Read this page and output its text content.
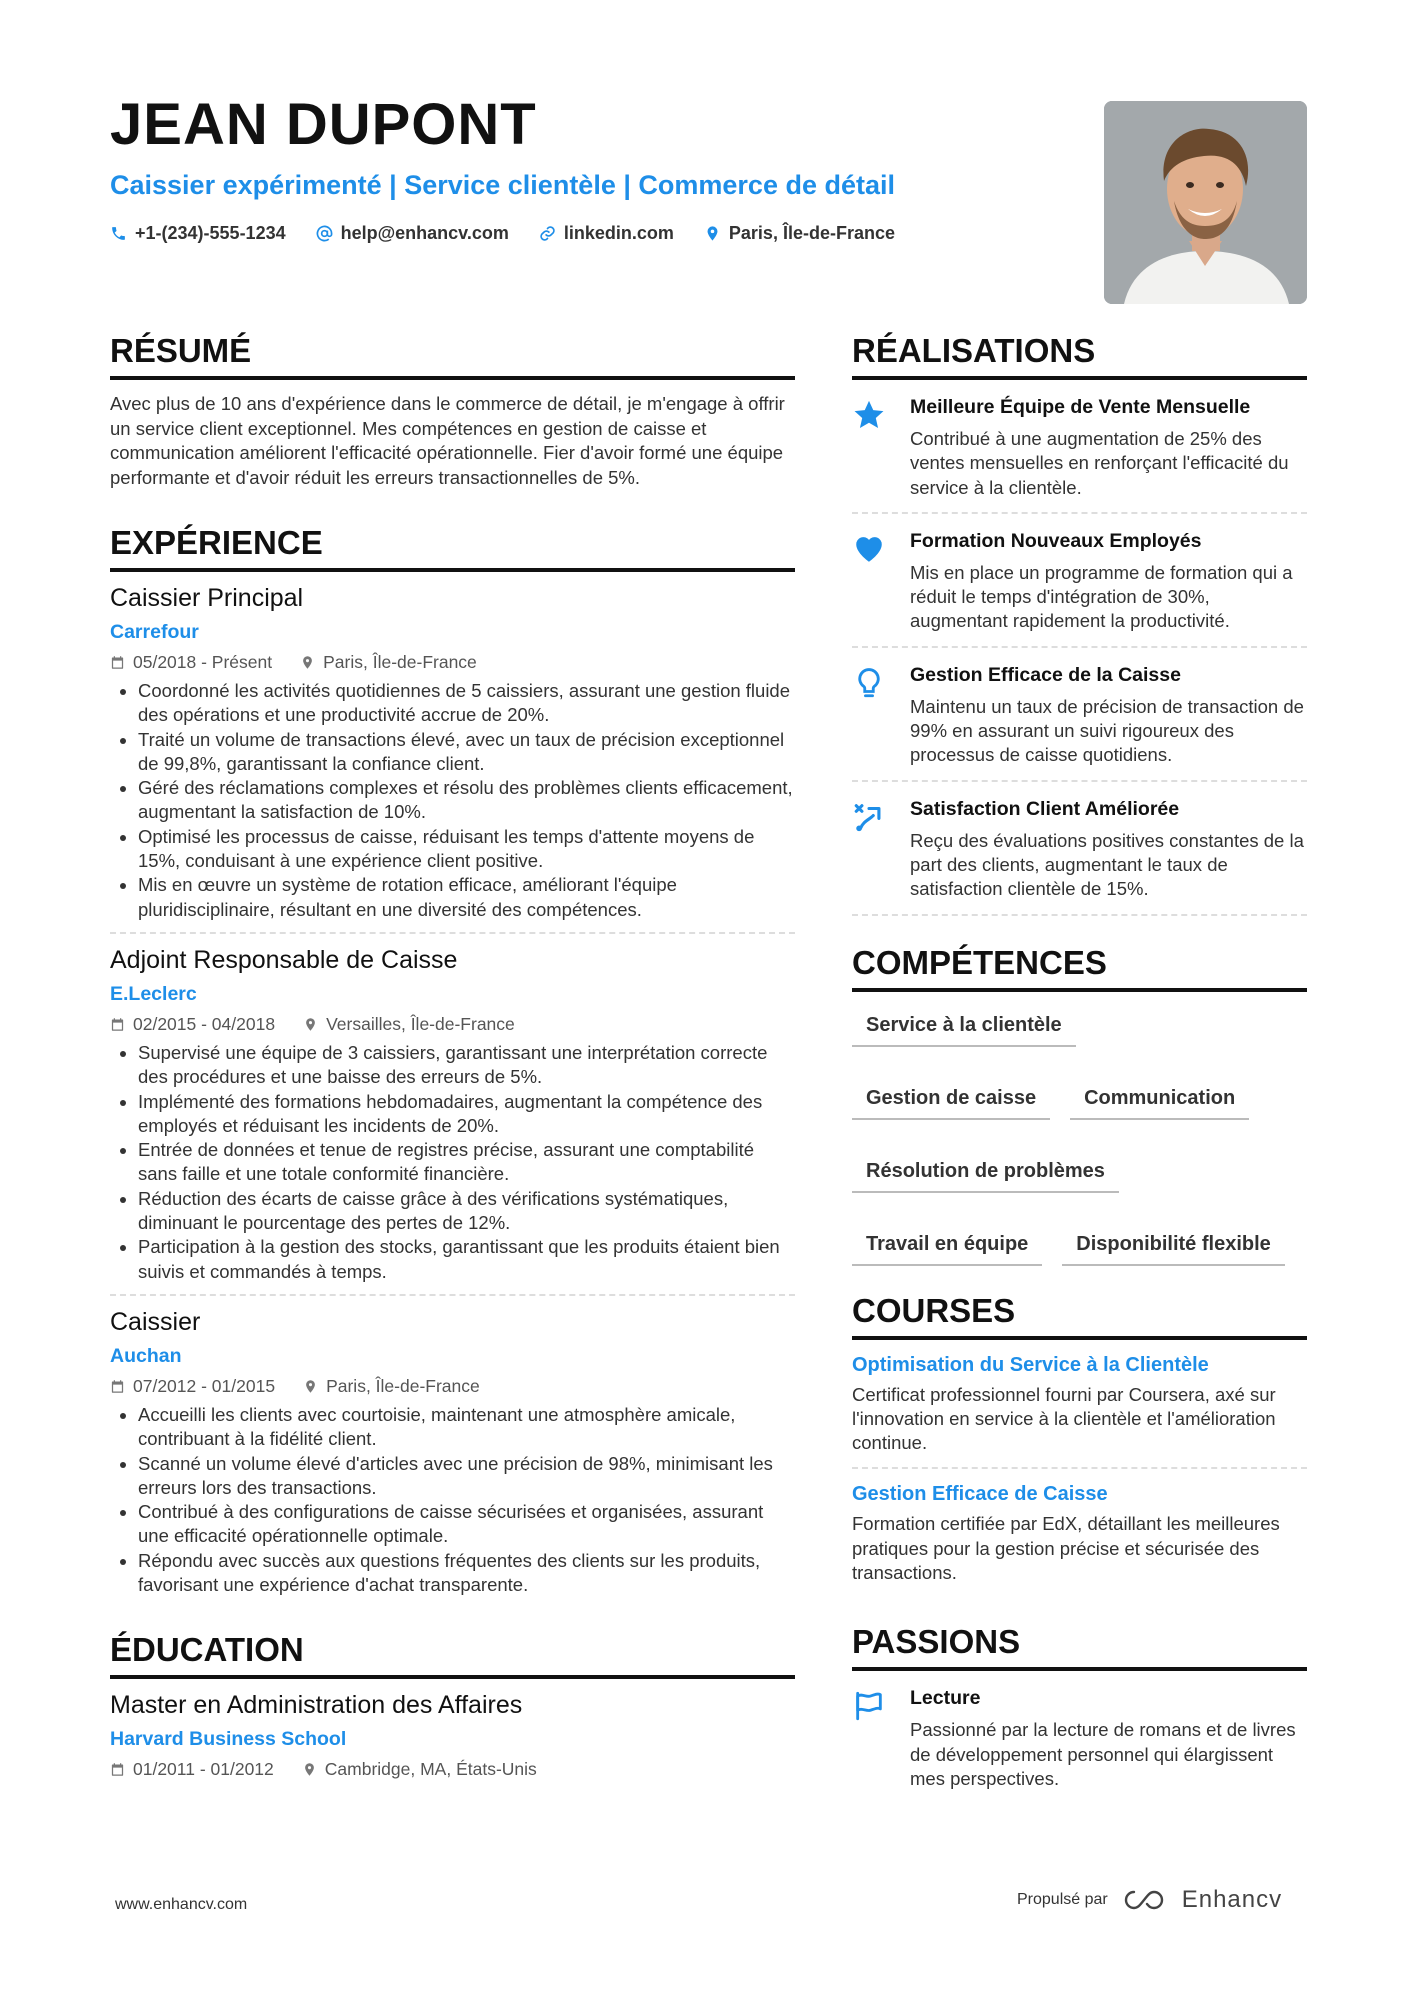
JEAN DUPONT
Caissier expérimenté | Service clientèle | Commerce de détail
+1-(234)-555-1234	help@enhancv.com	linkedin.com	Paris, Île-de-France
RÉSUMÉ
Avec plus de 10 ans d'expérience dans le commerce de détail, je m'engage à offrir un service client exceptionnel. Mes compétences en gestion de caisse et communication améliorent l'efficacité opérationnelle. Fier d'avoir formé une équipe performante et d'avoir réduit les erreurs transactionnelles de 5%.
EXPÉRIENCE
Caissier Principal
Carrefour
05/2018 - Présent	Paris, Île-de-France
• Coordonné les activités quotidiennes de 5 caissiers, assurant une gestion fluide des opérations et une productivité accrue de 20%.
• Traité un volume de transactions élevé, avec un taux de précision exceptionnel de 99,8%, garantissant la confiance client.
• Géré des réclamations complexes et résolu des problèmes clients efficacement, augmentant la satisfaction de 10%.
• Optimisé les processus de caisse, réduisant les temps d'attente moyens de 15%, conduisant à une expérience client positive.
• Mis en œuvre un système de rotation efficace, améliorant l'équipe pluridisciplinaire, résultant en une diversité des compétences.
Adjoint Responsable de Caisse
E.Leclerc
02/2015 - 04/2018	Versailles, Île-de-France
• Supervisé une équipe de 3 caissiers, garantissant une interprétation correcte des procédures et une baisse des erreurs de 5%.
• Implémenté des formations hebdomadaires, augmentant la compétence des employés et réduisant les incidents de 20%.
• Entrée de données et tenue de registres précise, assurant une comptabilité sans faille et une totale conformité financière.
• Réduction des écarts de caisse grâce à des vérifications systématiques, diminuant le pourcentage des pertes de 12%.
• Participation à la gestion des stocks, garantissant que les produits étaient bien suivis et commandés à temps.
Caissier
Auchan
07/2012 - 01/2015	Paris, Île-de-France
• Accueilli les clients avec courtoisie, maintenant une atmosphère amicale, contribuant à la fidélité client.
• Scanné un volume élevé d'articles avec une précision de 98%, minimisant les erreurs lors des transactions.
• Contribué à des configurations de caisse sécurisées et organisées, assurant une efficacité opérationnelle optimale.
• Répondu avec succès aux questions fréquentes des clients sur les produits, favorisant une expérience d'achat transparente.
ÉDUCATION
Master en Administration des Affaires
Harvard Business School
01/2011 - 01/2012	Cambridge, MA, États-Unis
RÉALISATIONS
Meilleure Équipe de Vente Mensuelle
Contribué à une augmentation de 25% des ventes mensuelles en renforçant l'efficacité du service à la clientèle.
Formation Nouveaux Employés
Mis en place un programme de formation qui a réduit le temps d'intégration de 30%, augmentant rapidement la productivité.
Gestion Efficace de la Caisse
Maintenu un taux de précision de transaction de 99% en assurant un suivi rigoureux des processus de caisse quotidiens.
Satisfaction Client Améliorée
Reçu des évaluations positives constantes de la part des clients, augmentant le taux de satisfaction clientèle de 15%.
COMPÉTENCES
Service à la clientèle
Gestion de caisse	Communication
Résolution de problèmes
Travail en équipe	Disponibilité flexible
COURSES
Optimisation du Service à la Clientèle
Certificat professionnel fourni par Coursera, axé sur l'innovation en service à la clientèle et l'amélioration continue.
Gestion Efficace de Caisse
Formation certifiée par EdX, détaillant les meilleures pratiques pour la gestion précise et sécurisée des transactions.
PASSIONS
Lecture
Passionné par la lecture de romans et de livres de développement personnel qui élargissent mes perspectives.
www.enhancv.com	Propulsé par	Enhancv
